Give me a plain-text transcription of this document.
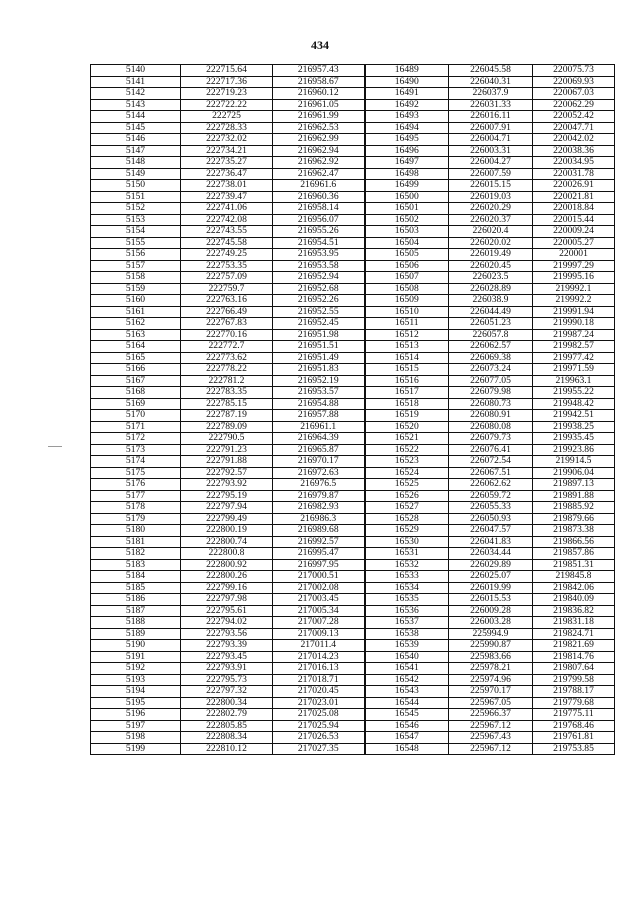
434
5140	222715.64	216957.43	16489	226045.58	220075.73
5141	222717.36	216958.67	16490	226040.31	220069.93
5142	222719.23	216960.12	16491	226037.9	220067.03
5143	222722.22	216961.05	16492	226031.33	220062.29
5144	222725	216961.99	16493	226016.11	220052.42
5145	222728.33	216962.53	16494	226007.91	220047.71
5146	222732.02	216962.99	16495	226004.71	220042.02
5147	222734.21	216962.94	16496	226003.31	220038.36
5148	222735.27	216962.92	16497	226004.27	220034.95
5149	222736.47	216962.47	16498	226007.59	220031.78
5150	222738.01	216961.6	16499	226015.15	220026.91
5151	222739.47	216960.36	16500	226019.03	220021.81
5152	222741.06	216958.14	16501	226020.29	220018.84
5153	222742.08	216956.07	16502	226020.37	220015.44
5154	222743.55	216955.26	16503	226020.4	220009.24
5155	222745.58	216954.51	16504	226020.02	220005.27
5156	222749.25	216953.95	16505	226019.49	220001
5157	222753.35	216953.58	16506	226020.45	219997.29
5158	222757.09	216952.94	16507	226023.5	219995.16
5159	222759.7	216952.68	16508	226028.89	219992.1
5160	222763.16	216952.26	16509	226038.9	219992.2
5161	222766.49	216952.55	16510	226044.49	219991.94
5162	222767.83	216952.45	16511	226051.23	219990.18
5163	222770.16	216951.98	16512	226057.8	219987.24
5164	222772.7	216951.51	16513	226062.57	219982.57
5165	222773.62	216951.49	16514	226069.38	219977.42
5166	222778.22	216951.83	16515	226073.24	219971.59
5167	222781.2	216952.19	16516	226077.05	219963.1
5168	222783.35	216953.57	16517	226079.98	219955.22
5169	222785.15	216954.88	16518	226080.73	219948.42
5170	222787.19	216957.88	16519	226080.91	219942.51
5171	222789.09	216961.1	16520	226080.08	219938.25
5172	222790.5	216964.39	16521	226079.73	219935.45
5173	222791.23	216965.87	16522	226076.41	219923.86
5174	222791.88	216970.17	16523	226072.54	219914.5
5175	222792.57	216972.63	16524	226067.51	219906.04
5176	222793.92	216976.5	16525	226062.62	219897.13
5177	222795.19	216979.87	16526	226059.72	219891.88
5178	222797.94	216982.93	16527	226055.33	219885.92
5179	222799.49	216986.3	16528	226050.93	219879.66
5180	222800.19	216989.68	16529	226047.57	219873.38
5181	222800.74	216992.57	16530	226041.83	219866.56
5182	222800.8	216995.47	16531	226034.44	219857.86
5183	222800.92	216997.95	16532	226029.89	219851.31
5184	222800.26	217000.51	16533	226025.07	219845.8
5185	222799.16	217002.08	16534	226019.99	219842.06
5186	222797.98	217003.45	16535	226015.53	219840.09
5187	222795.61	217005.34	16536	226009.28	219836.82
5188	222794.02	217007.28	16537	226003.28	219831.18
5189	222793.56	217009.13	16538	225994.9	219824.71
5190	222793.39	217011.4	16539	225990.87	219821.69
5191	222793.45	217014.23	16540	225983.66	219814.76
5192	222793.91	217016.13	16541	225978.21	219807.64
5193	222795.73	217018.71	16542	225974.96	219799.58
5194	222797.32	217020.45	16543	225970.17	219788.17
5195	222800.34	217023.01	16544	225967.05	219779.68
5196	222802.79	217025.08	16545	225966.37	219775.11
5197	222805.85	217025.94	16546	225967.12	219768.46
5198	222808.34	217026.53	16547	225967.43	219761.81
5199	222810.12	217027.35	16548	225967.12	219753.85
